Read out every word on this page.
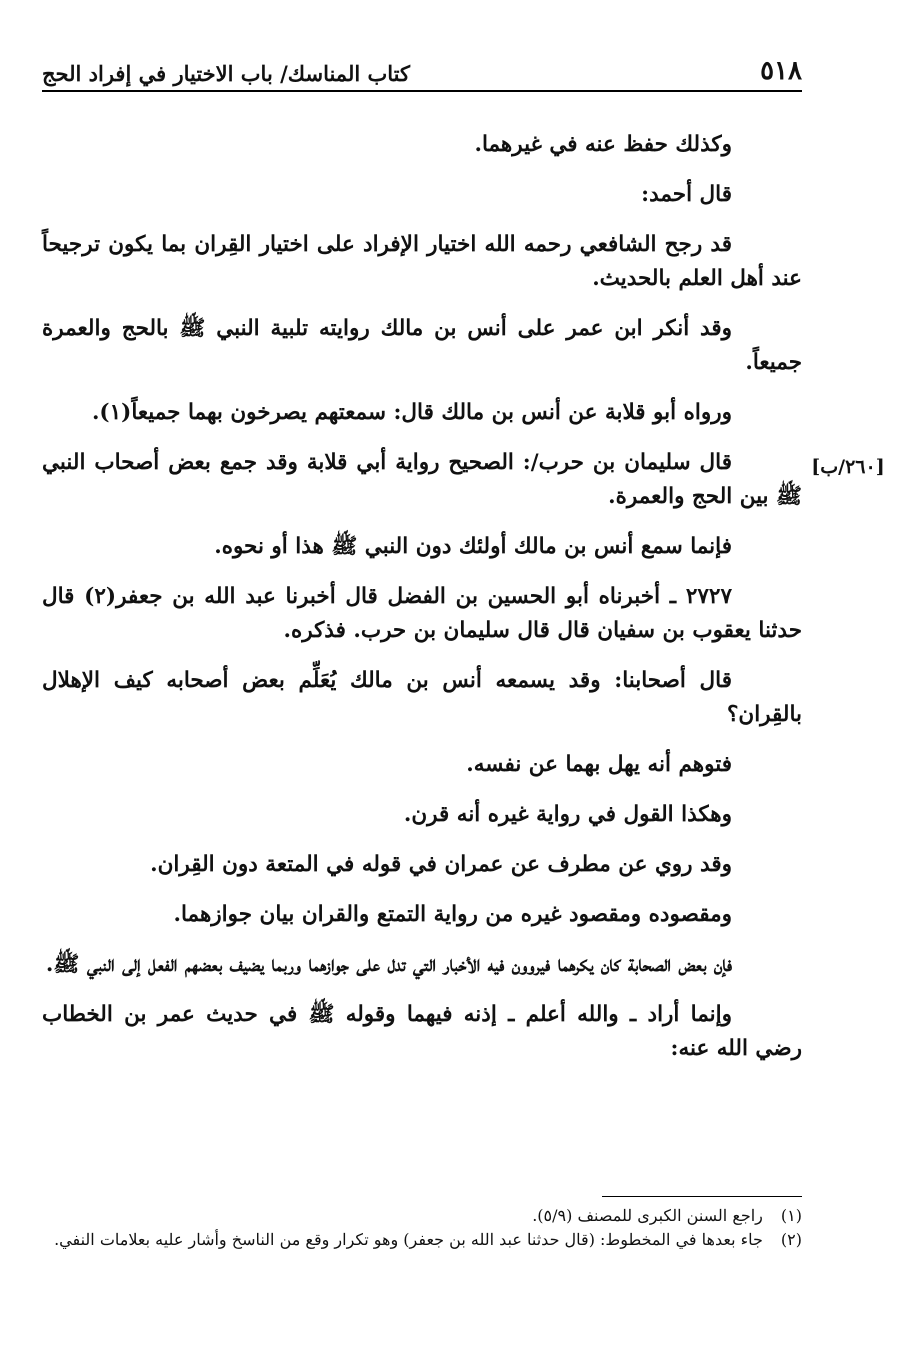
٥١٨
كتاب المناسك/ باب الاختيار في إفراد الحج
[٢٦٠/ب]

وكذلك حفظ عنه في غيرهما.

قال أحمد:

قد رجح الشافعي رحمه الله اختيار الإفراد على اختيار القِران بما يكون ترجيحاً عند أهل العلم بالحديث.

وقد أنكر ابن عمر على أنس بن مالك روايته تلبية النبي ﷺ بالحج والعمرة جميعاً.

ورواه أبو قلابة عن أنس بن مالك قال: سمعتهم يصرخون بهما جميعاً(١).

قال سليمان بن حرب/: الصحيح رواية أبي قلابة وقد جمع بعض أصحاب النبي ﷺ بين الحج والعمرة.

فإنما سمع أنس بن مالك أولئك دون النبي ﷺ هذا أو نحوه.

٢٧٢٧ ـ أخبرناه أبو الحسين بن الفضل قال أخبرنا عبد الله بن جعفر(٢) قال حدثنا يعقوب بن سفيان قال قال سليمان بن حرب. فذكره.

قال أصحابنا: وقد يسمعه أنس بن مالك يُعَلِّم بعض أصحابه كيف الإهلال بالقِران؟

فتوهم أنه يهل بهما عن نفسه.

وهكذا القول في رواية غيره أنه قرن.

وقد روي عن مطرف عن عمران في قوله في المتعة دون القِران.

ومقصوده ومقصود غيره من رواية التمتع والقران بيان جوازهما.

فإن بعض الصحابة كان يكرهما فيروون فيه الأخبار التي تدل على جوازهما وربما يضيف بعضهم الفعل إلى النبي ﷺ.

وإنما أراد ـ والله أعلم ـ إذنه فيهما وقوله ﷺ في حديث عمر بن الخطاب رضي الله عنه:

(١) راجع السنن الكبرى للمصنف (٥/٩).

(٢) جاء بعدها في المخطوط: (قال حدثنا عبد الله بن جعفر) وهو تكرار وقع من الناسخ وأشار عليه بعلامات النفي.
